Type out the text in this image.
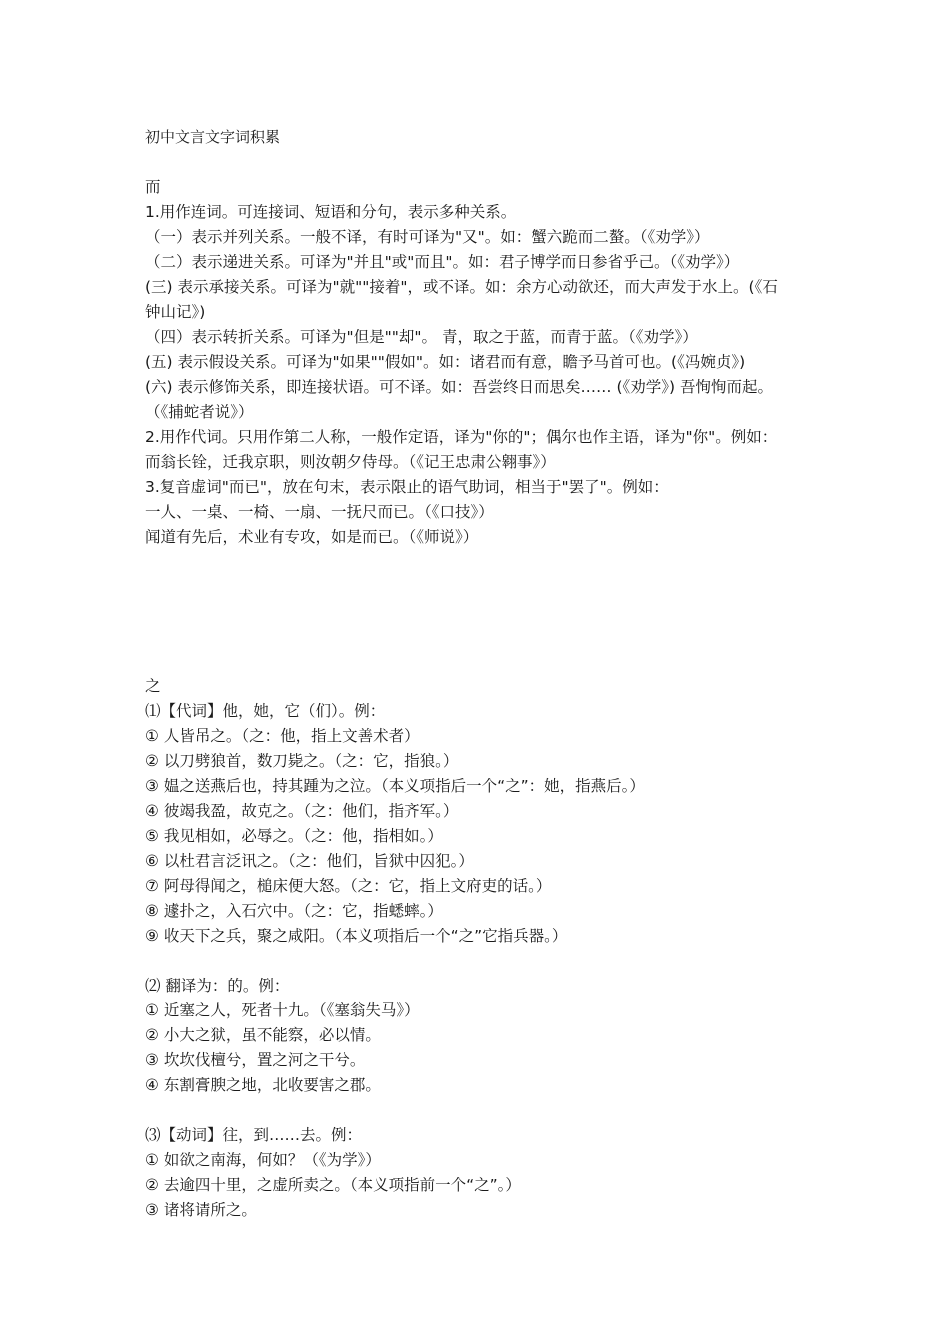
初中文言文字词积累
而
1.用作连词。可连接词、短语和分句，表示多种关系。
（一）表示并列关系。一般不译，有时可译为"又"。如：蟹六跪而二螯。（《劝学》）
（二）表示递进关系。可译为"并且"或"而且"。如：君子博学而日参省乎己。（《劝学》）
(三) 表示承接关系。可译为"就""接着"，或不译。如：余方心动欲还，而大声发于水上。(《石
钟山记》)
（四）表示转折关系。可译为"但是""却"。 青，取之于蓝，而青于蓝。（《劝学》）
(五) 表示假设关系。可译为"如果""假如"。如：诸君而有意，瞻予马首可也。(《冯婉贞》)
(六) 表示修饰关系，即连接状语。可不译。如：吾尝终日而思矣…… (《劝学》) 吾恂恂而起。
（《捕蛇者说》）
2.用作代词。只用作第二人称，一般作定语，译为"你的"；偶尔也作主语，译为"你"。例如：
而翁长铨，迁我京职，则汝朝夕侍母。（《记王忠肃公翱事》）
3.复音虚词"而已"，放在句末，表示限止的语气助词，相当于"罢了"。例如：
一人、一桌、一椅、一扇、一抚尺而已。（《口技》）
闻道有先后，术业有专攻，如是而已。（《师说》）
之
⑴【代词】他，她，它（们）。例：
① 人皆吊之。（之：他，指上文善术者）
② 以刀劈狼首，数刀毙之。（之：它，指狼。）
③ 媪之送燕后也，持其踵为之泣。（本义项指后一个“之”：她，指燕后。）
④ 彼竭我盈，故克之。（之：他们，指齐军。）
⑤ 我见相如，必辱之。（之：他，指相如。）
⑥ 以杜君言泛讯之。（之：他们，旨狱中囚犯。）
⑦ 阿母得闻之，槌床便大怒。（之：它，指上文府吏的话。）
⑧ 遽扑之，入石穴中。（之：它，指蟋蟀。）
⑨ 收天下之兵，聚之咸阳。（本义项指后一个“之”它指兵器。）
⑵ 翻译为：的。例：
① 近塞之人，死者十九。（《塞翁失马》）
② 小大之狱，虽不能察，必以情。
③ 坎坎伐檀兮，置之河之干兮。
④ 东割膏腴之地，北收要害之郡。
⑶【动词】往，到……去。例：
① 如欲之南海，何如？（《为学》）
② 去逾四十里，之虚所卖之。（本义项指前一个“之”。）
③ 诸将请所之。
